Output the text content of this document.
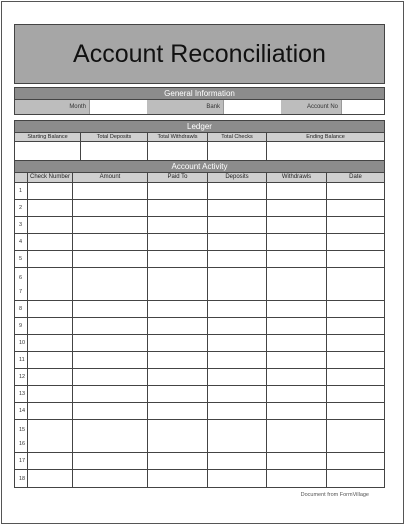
Account Reconciliation
General Information
Month	Bank	Account No
Ledger
Starting Balance	Total Deposits	Total Withdrawls	Total Checks	Ending Balance
Account Activity
Check Number	Amount	Paid To	Deposits	Withdrawls	Date
1
2
3
4
5
6
7
8
9
10
11
12
13
14
15
16
17
18
Document from FormVillage
